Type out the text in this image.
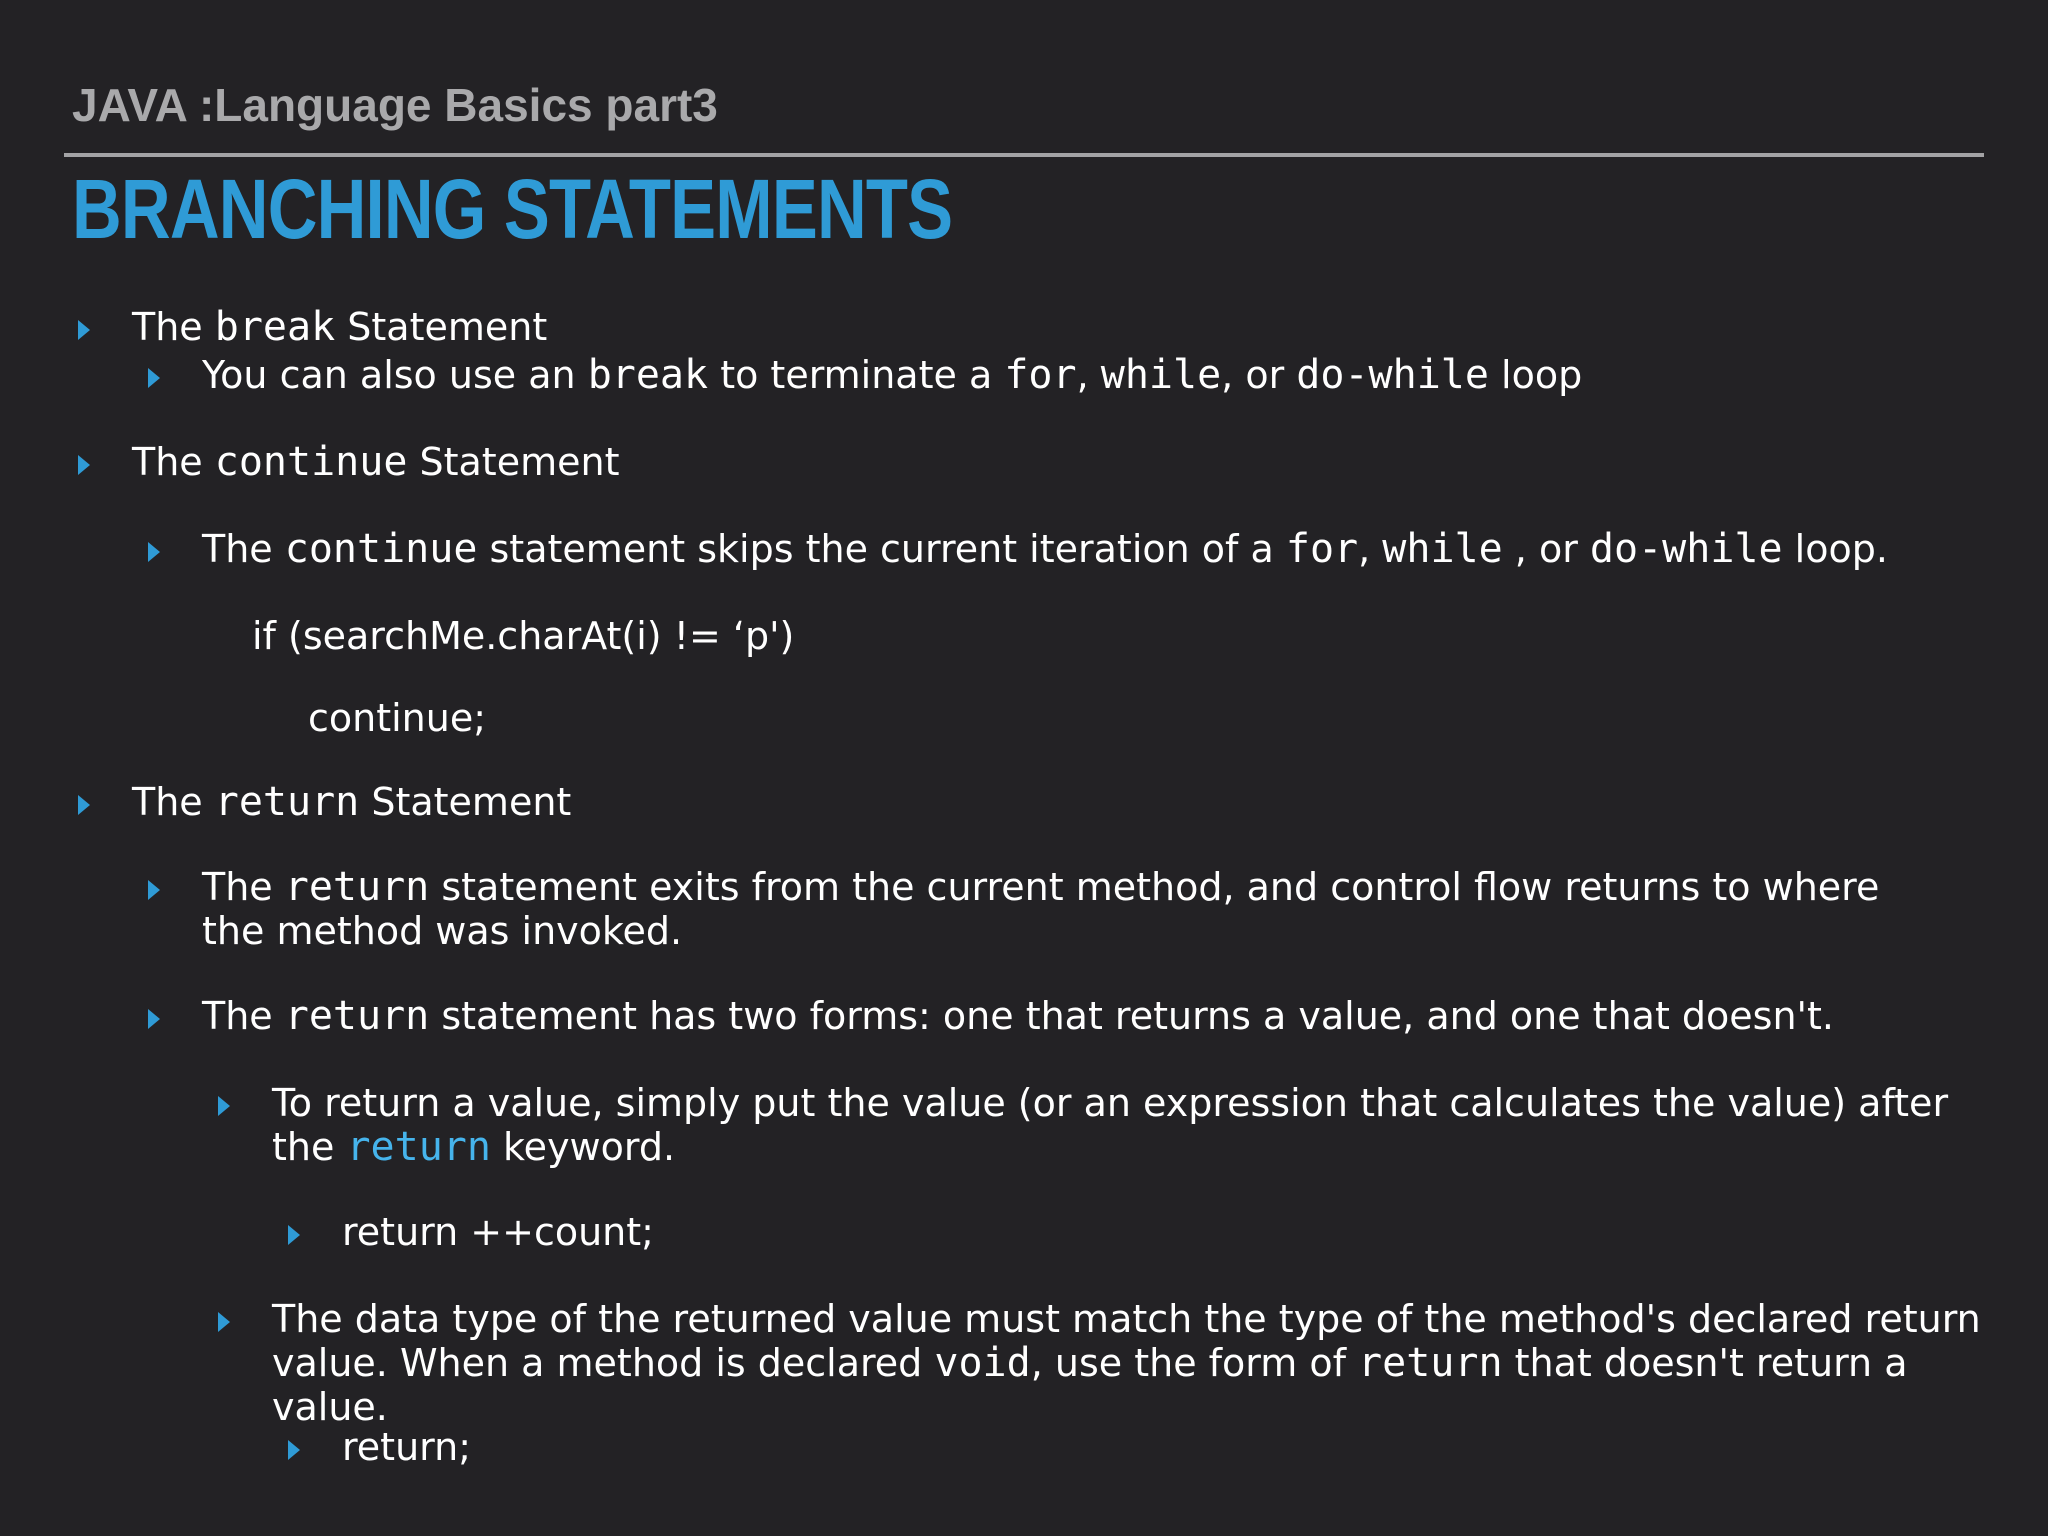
JAVA :Language Basics part3
BRANCHING STATEMENTS
The break Statement
You can also use an break to terminate a for, while, or do-while loop
The continue Statement
The continue statement skips the current iteration of a for, while , or do-while loop.
if (searchMe.charAt(i) != ‘p')
continue;
The return Statement
The return statement exits from the current method, and control flow returns to where the method was invoked.
The return statement has two forms: one that returns a value, and one that doesn't.
To return a value, simply put the value (or an expression that calculates the value) after the return keyword.
return ++count;
The data type of the returned value must match the type of the method's declared return value. When a method is declared void, use the form of return that doesn't return a value.
return;
